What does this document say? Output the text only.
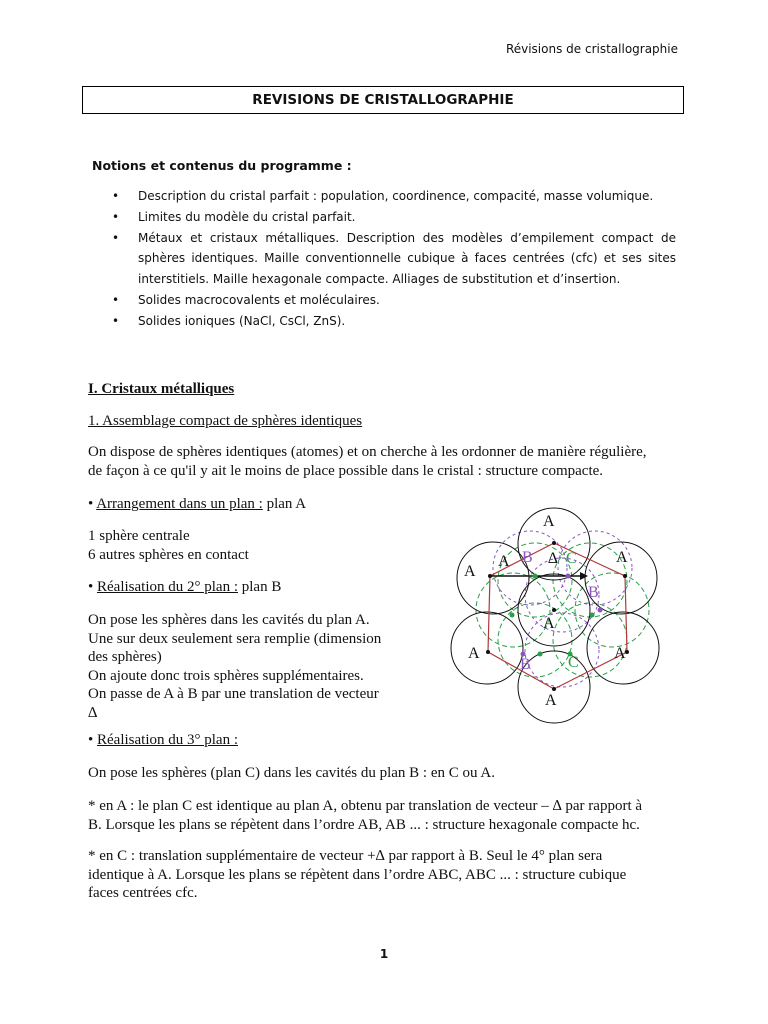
Révisions de cristallographie
REVISIONS DE CRISTALLOGRAPHIE
Notions et contenus du programme :
• Description du cristal parfait : population, coordinence, compacité, masse volumique.
• Limites du modèle du cristal parfait.
• Métaux et cristaux métalliques. Description des modèles d’empilement compact de sphères identiques. Maille conventionnelle cubique à faces centrées (cfc) et ses sites interstitiels. Maille hexagonale compacte. Alliages de substitution et d’insertion.
• Solides macrocovalents et moléculaires.
• Solides ioniques (NaCl, CsCl, ZnS).
I. Cristaux métalliques
1. Assemblage compact de sphères identiques
On dispose de sphères identiques (atomes) et on cherche à les ordonner de manière régulière,
de façon à ce qu'il y ait le moins de place possible dans le cristal : structure compacte.
• Arrangement dans un plan : plan A
1 sphère centrale
6 autres sphères en contact
• Réalisation du 2° plan : plan B
On pose les sphères dans les cavités du plan A.
Une sur deux seulement sera remplie (dimension
des sphères)
On ajoute donc trois sphères supplémentaires.
On passe de A à B par une translation de vecteur
∆
• Réalisation du 3° plan :
On pose les sphères (plan C) dans les cavités du plan B : en C ou A.
* en A : le plan C est identique au plan A, obtenu par translation de vecteur – ∆ par rapport à
B. Lorsque les plans se répètent dans l’ordre AB, AB ... : structure hexagonale compacte hc.
* en C : translation supplémentaire de vecteur +∆ par rapport à B. Seul le 4° plan sera
identique à A. Lorsque les plans se répètent dans l’ordre ABC, ABC ... : structure cubique
faces centrées cfc.
A
A
A	A
A
A	A
A
∆
B
B
B
C
C
1
